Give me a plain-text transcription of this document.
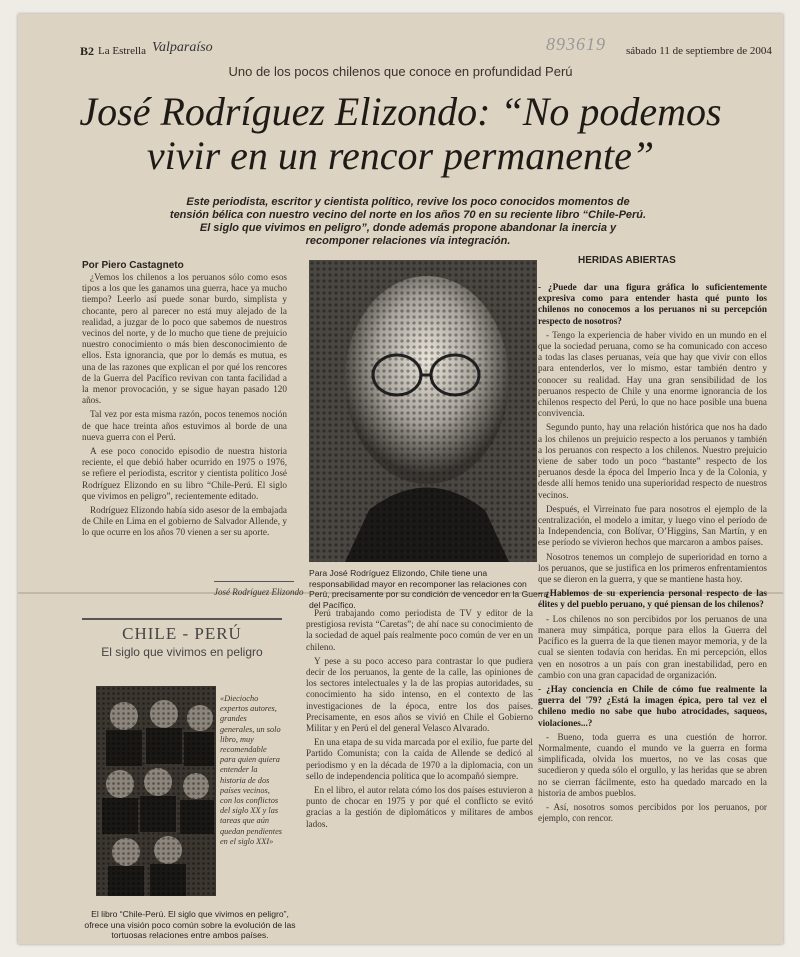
B2 La Estrella Valparaíso	893619 sábado 11 de septiembre de 2004
Uno de los pocos chilenos que conoce en profundidad Perú
José Rodríguez Elizondo: “No podemos vivir en un rencor permanente”
Este periodista, escritor y cientista político, revive los poco conocidos momentos de tensión bélica con nuestro vecino del norte en los años 70 en su reciente libro “Chile-Perú. El siglo que vivimos en peligro”, donde además propone abandonar la inercia y recomponer relaciones vía integración.
Por Piero Castagneto

¿Vemos los chilenos a los peruanos sólo como esos tipos a los que les ganamos una guerra, hace ya mucho tiempo? Leerlo así puede sonar burdo, simplista y chocante, pero al parecer no está muy alejado de la realidad, a juzgar de lo poco que sabemos de nuestros vecinos del norte, y de lo mucho que tiene de prejuicio nuestro conocimiento o más bien desconocimiento de ellos. Esta ignorancia, que por lo demás es mutua, es una de las razones que explican el por qué los rencores de la Guerra del Pacífico revivan con tanta facilidad a la menor provocación, y se sigue hayan pasado 120 años.

Tal vez por esta misma razón, pocos tenemos noción de que hace treinta años estuvimos al borde de una nueva guerra con el Perú.

A ese poco conocido episodio de nuestra historia reciente, el que debió haber ocurrido en 1975 o 1976, se refiere el periodista, escritor y cientista político José Rodríguez Elizondo en su libro “Chile-Perú. El siglo que vivimos en peligro”, recientemente editado.

Rodríguez Elizondo había sido asesor de la embajada de Chile en Lima en el gobierno de Salvador Allende, y lo que ocurre en los años 70 vienen a ser su aporte.

José Rodríguez Elizondo
Para José Rodríguez Elizondo, Chile tiene una responsabilidad mayor en recomponer las relaciones con Perú, precisamente por su condición de vencedor en la Guerra del Pacífico.

Perú trabajando como periodista de TV y editor de la prestigiosa revista “Caretas”; de ahí nace su conocimiento de la sociedad de aquel país realmente poco común de ver en un chileno.

Y pese a su poco acceso para contrastar lo que pudiera decir de los peruanos, la gente de la calle, las opiniones de los sectores intelectuales y la de las propias autoridades, su conocimiento ha sido intenso, en el contexto de las investigaciones de la época, entre los dos países. Precisamente, en esos años se vivió en Chile el Gobierno Militar y en Perú el del general Velasco Alvarado.

En una etapa de su vida marcada por el exilio, fue parte del Partido Comunista; con la caída de Allende se dedicó al periodismo y en la década de 1970 a la diplomacia, con un sello de independencia política que lo acompañó siempre.

En el libro, el autor relata cómo los dos países estuvieron a punto de chocar en 1975 y por qué el conflicto se evitó gracias a la gestión de diplomáticos y militares de ambos lados.

CHILE - PERÚ
El siglo que vivimos en peligro
«Dieciocho expertos autores, grandes generales, un solo libro, muy recomendable para quien quiera entender la historia de dos países vecinos, con los conflictos del siglo XX y las tareas que aún quedan pendientes en el siglo XXI»
El libro “Chile-Perú. El siglo que vivimos en peligro”, ofrece una visión poco común sobre la evolución de las tortuosas relaciones entre ambos países.
HERIDAS ABIERTAS

- ¿Puede dar una figura gráfica lo suficientemente expresiva como para entender hasta qué punto los chilenos no conocemos a los peruanos ni su percepción respecto de nosotros?

- Tengo la experiencia de haber vivido en un mundo en el que la sociedad peruana, como se ha comunicado con acceso a todas las clases peruanas, veía que hay que vivir con ellos para entenderlos, ver lo mismo, estar también dentro y conocer su realidad. Hay una gran sensibilidad de los peruanos respecto de Chile y una enorme ignorancia de los chilenos respecto del Perú, lo que no hace posible una buena convivencia.

Segundo punto, hay una relación histórica que nos ha dado a los chilenos un prejuicio respecto a los peruanos y también a los peruanos con respecto a los chilenos. Nuestro prejuicio viene de saber todo un poco “bastante” respecto de los peruanos desde la época del Imperio Inca y de la Colonia, y desde allí hemos tenido una superioridad respecto de nuestros vecinos.

Después, el Virreinato fue para nosotros el ejemplo de la centralización, el modelo a imitar, y luego vino el período de la Independencia, con Bolívar, O’Higgins, San Martín, y en ese período se vivieron hechos que marcaron a ambos países.

Nosotros tenemos un complejo de superioridad en torno a los peruanos, que se justifica en los primeros enfrentamientos que se dieron en la guerra, y que se mantiene hasta hoy.

- ¿Hablemos de su experiencia personal respecto de las élites y del pueblo peruano, y qué piensan de los chilenos?

- Los chilenos no son percibidos por los peruanos de una manera muy simpática, porque para ellos la Guerra del Pacífico es la guerra de la que tienen mayor memoria, y de la cual se sienten todavía con heridas. En mi percepción, ellos ven en nosotros a un país con gran inestabilidad, pero en cambio con una gran capacidad de organización.

- ¿Hay conciencia en Chile de cómo fue realmente la guerra del '79? ¿Está la imagen épica, pero tal vez el chileno medio no sabe que hubo atrocidades, saqueos, violaciones...?

- Bueno, toda guerra es una cuestión de horror. Normalmente, cuando el mundo ve la guerra en forma simplificada, olvida los muertos, no ve las cosas que sucedieron y queda sólo el orgullo, y las heridas que se abren no se cierran fácilmente, esto ha quedado marcado en la historia de ambos pueblos.

- Así, nosotros somos percibidos por los peruanos, por ejemplo, con rencor.
